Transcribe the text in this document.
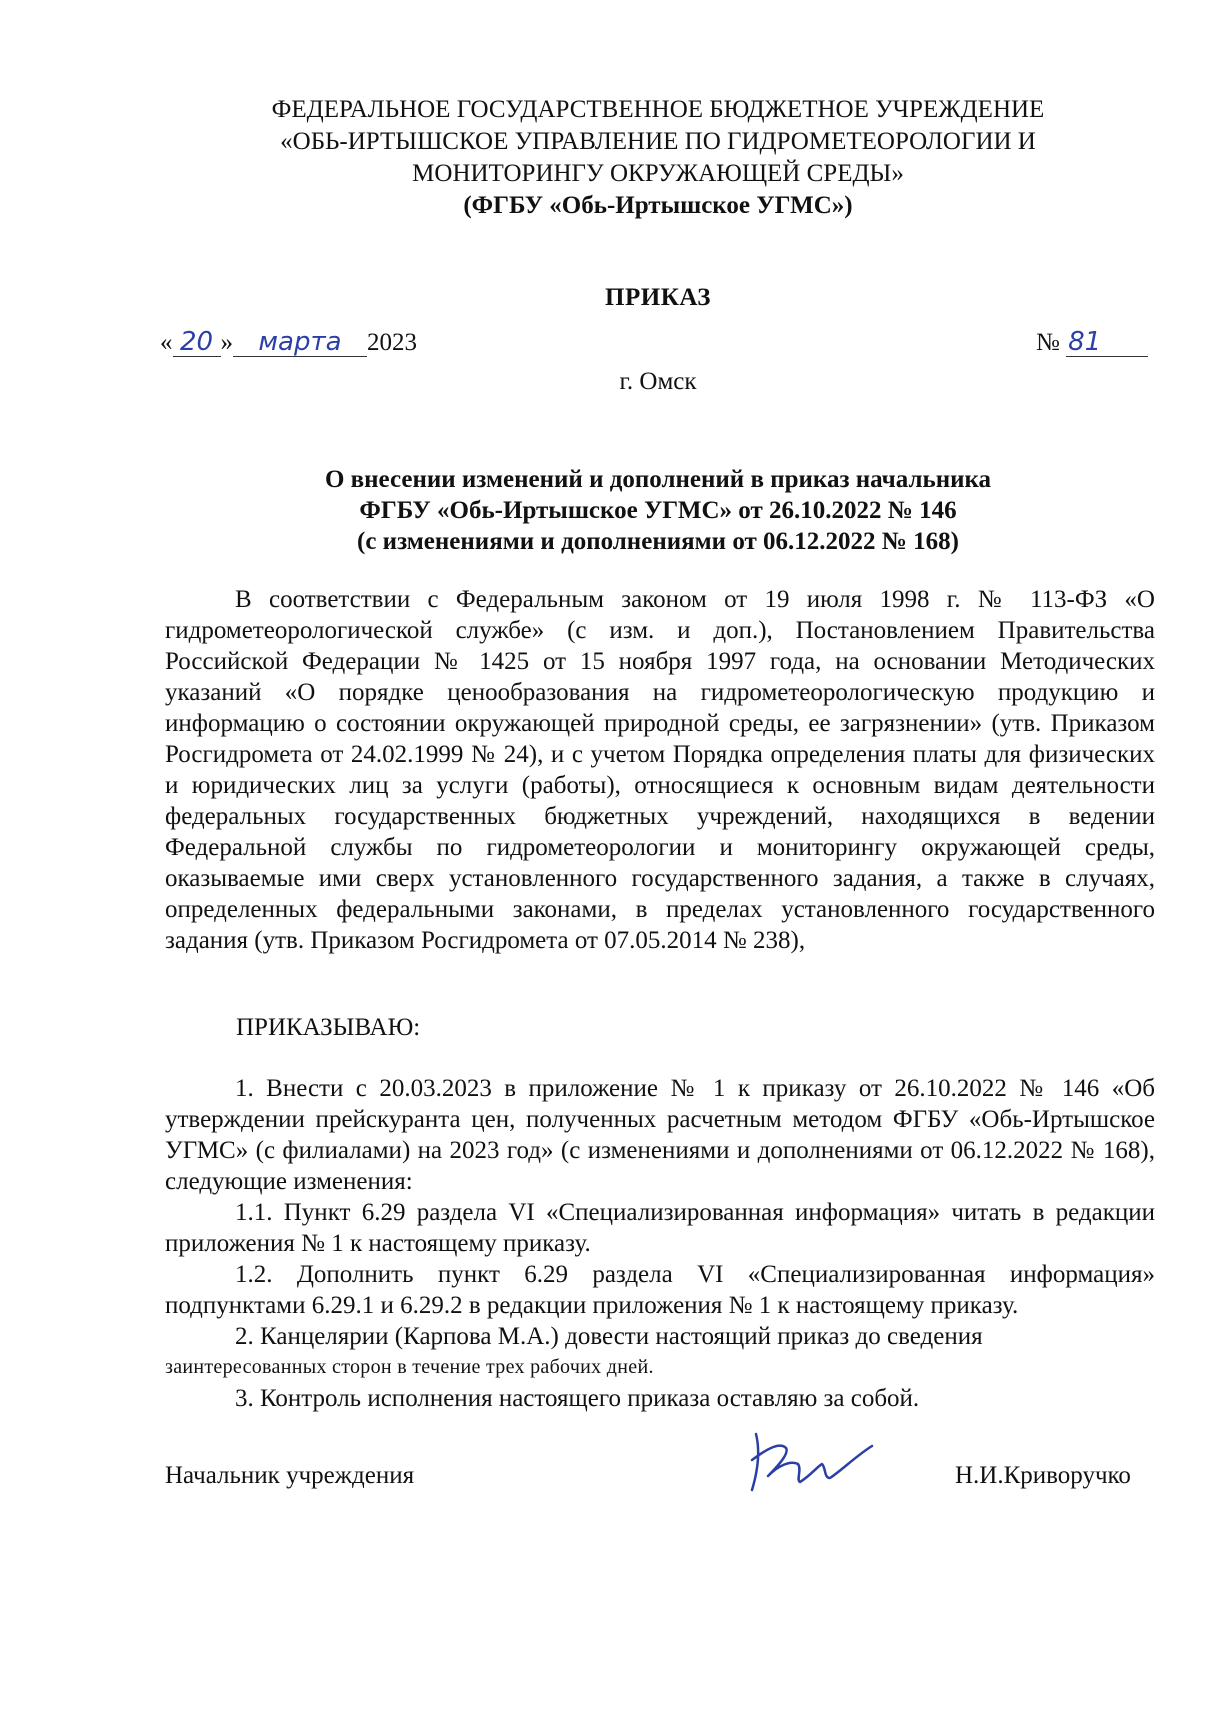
ФЕДЕРАЛЬНОЕ ГОСУДАРСТВЕННОЕ БЮДЖЕТНОЕ УЧРЕЖДЕНИЕ
«ОБЬ-ИРТЫШСКОЕ УПРАВЛЕНИЕ ПО ГИДРОМЕТЕОРОЛОГИИ И
МОНИТОРИНГУ ОКРУЖАЮЩЕЙ СРЕДЫ»
(ФГБУ «Обь-Иртышское УГМС»)
ПРИКАЗ
« 20 » марта 2023	№ 81
г. Омск
О внесении изменений и дополнений в приказ начальника
ФГБУ «Обь-Иртышское УГМС» от 26.10.2022 № 146
(с изменениями и дополнениями от 06.12.2022 № 168)
В соответствии с Федеральным законом от 19 июля 1998 г. № 113-ФЗ «О гидрометеорологической службе» (с изм. и доп.), Постановлением Правительства Российской Федерации № 1425 от 15 ноября 1997 года, на основании Методических указаний «О порядке ценообразования на гидрометеорологическую продукцию и информацию о состоянии окружающей природной среды, ее загрязнении» (утв. Приказом Росгидромета от 24.02.1999 № 24), и с учетом Порядка определения платы для физических и юридических лиц за услуги (работы), относящиеся к основным видам деятельности федеральных государственных бюджетных учреждений, находящихся в ведении Федеральной службы по гидрометеорологии и мониторингу окружающей среды, оказываемые ими сверх установленного государственного задания, а также в случаях, определенных федеральными законами, в пределах установленного государственного задания (утв. Приказом Росгидромета от 07.05.2014 № 238),
ПРИКАЗЫВАЮ:

1. Внести с 20.03.2023 в приложение № 1 к приказу от 26.10.2022 № 146 «Об утверждении прейскуранта цен, полученных расчетным методом ФГБУ «Обь-Иртышское УГМС» (с филиалами) на 2023 год» (с изменениями и дополнениями от 06.12.2022 № 168), следующие изменения:

1.1. Пункт 6.29 раздела VI «Специализированная информация» читать в редакции приложения № 1 к настоящему приказу.

1.2. Дополнить пункт 6.29 раздела VI «Специализированная информация» подпунктами 6.29.1 и 6.29.2 в редакции приложения № 1 к настоящему приказу.

2. Канцелярии (Карпова М.А.) довести настоящий приказ до сведения

заинтересованных сторон в течение трех рабочих дней.

3. Контроль исполнения настоящего приказа оставляю за собой.

Начальник учреждения	Н.И.Криворучко
